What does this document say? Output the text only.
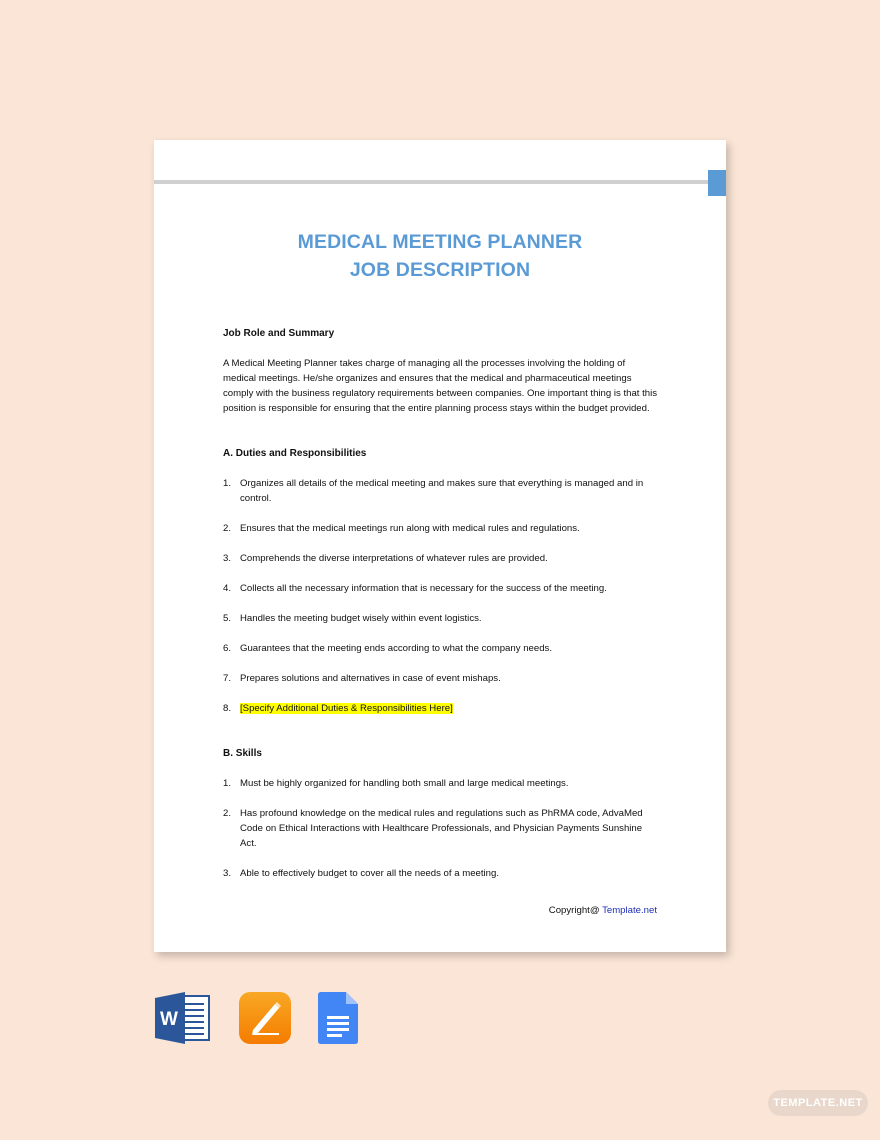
MEDICAL MEETING PLANNER
JOB DESCRIPTION

Job Role and Summary

A Medical Meeting Planner takes charge of managing all the processes involving the holding of medical meetings. He/she organizes and ensures that the medical and pharmaceutical meetings comply with the business regulatory requirements between companies. One important thing is that this position is responsible for ensuring that the entire planning process stays within the budget provided.

A. Duties and Responsibilities

1. Organizes all details of the medical meeting and makes sure that everything is managed and in control.
2. Ensures that the medical meetings run along with medical rules and regulations.
3. Comprehends the diverse interpretations of whatever rules are provided.
4. Collects all the necessary information that is necessary for the success of the meeting.
5. Handles the meeting budget wisely within event logistics.
6. Guarantees that the meeting ends according to what the company needs.
7. Prepares solutions and alternatives in case of event mishaps.
8. [Specify Additional Duties & Responsibilities Here]

B. Skills

1. Must be highly organized for handling both small and large medical meetings.
2. Has profound knowledge on the medical rules and regulations such as PhRMA code, AdvaMed Code on Ethical Interactions with Healthcare Professionals, and Physician Payments Sunshine Act.
3. Able to effectively budget to cover all the needs of a meeting.
Copyright@ Template.net
W
TEMPLATE.NET
